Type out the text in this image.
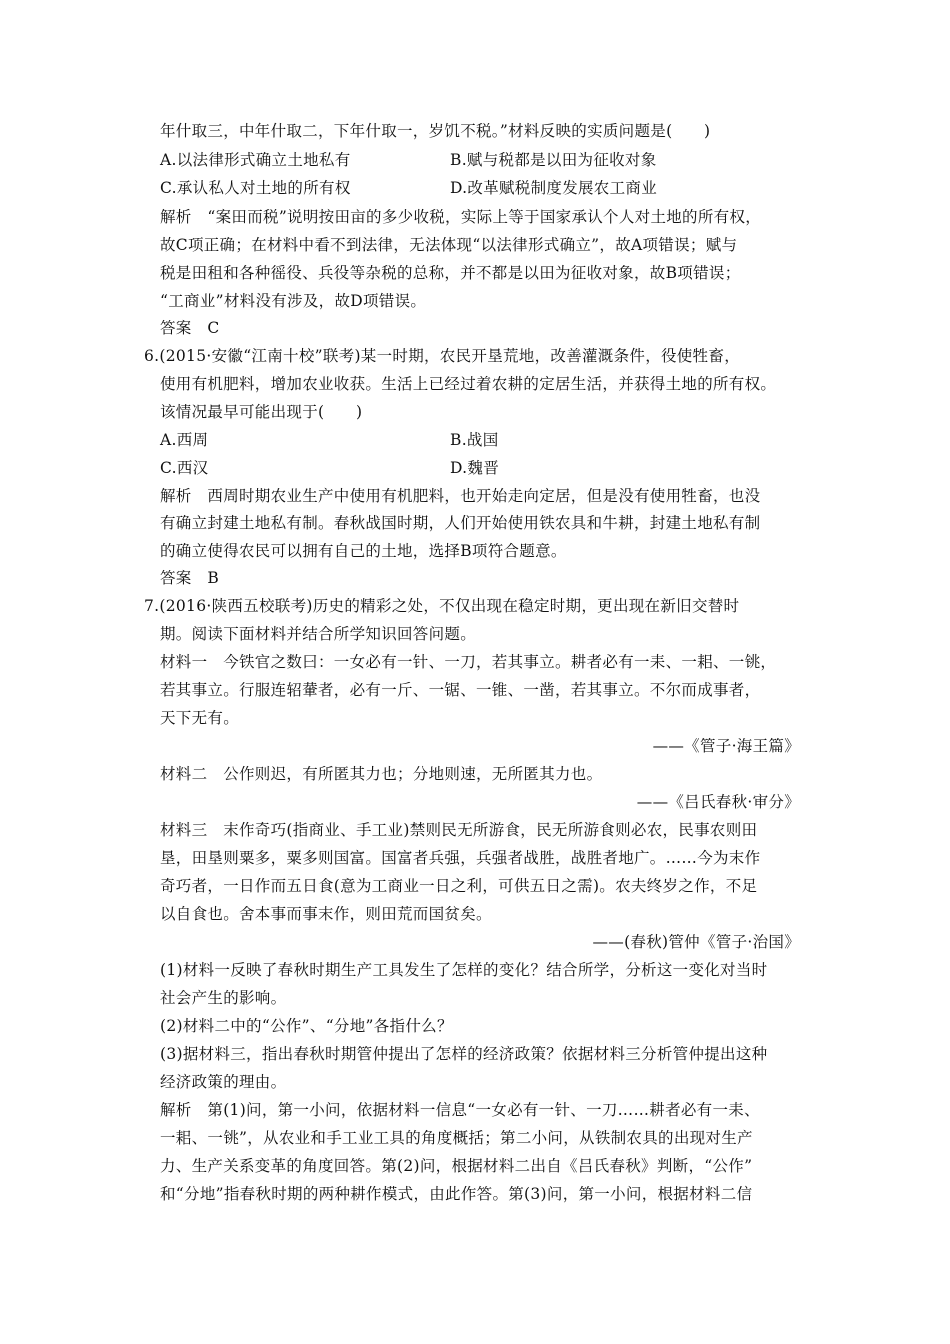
年什取三，中年什取二，下年什取一，岁饥不税。”材料反映的实质问题是(　　)
A.以法律形式确立土地私有	B.赋与税都是以田为征收对象
C.承认私人对土地的所有权	D.改革赋税制度发展农工商业
解析　“案田而税”说明按田亩的多少收税，实际上等于国家承认个人对土地的所有权，
故C项正确；在材料中看不到法律，无法体现“以法律形式确立”，故A项错误；赋与
税是田租和各种徭役、兵役等杂税的总称，并不都是以田为征收对象，故B项错误；
“工商业”材料没有涉及，故D项错误。
答案　C
6.(2015·安徽“江南十校”联考)某一时期，农民开垦荒地，改善灌溉条件，役使牲畜，
使用有机肥料，增加农业收获。生活上已经过着农耕的定居生活，并获得土地的所有权。
该情况最早可能出现于(　　)
A.西周	B.战国
C.西汉	D.魏晋
解析　西周时期农业生产中使用有机肥料，也开始走向定居，但是没有使用牲畜，也没
有确立封建土地私有制。春秋战国时期，人们开始使用铁农具和牛耕，封建土地私有制
的确立使得农民可以拥有自己的土地，选择B项符合题意。
答案　B
7.(2016·陕西五校联考)历史的精彩之处，不仅出现在稳定时期，更出现在新旧交替时
期。阅读下面材料并结合所学知识回答问题。
材料一　今铁官之数曰：一女必有一针、一刀，若其事立。耕者必有一耒、一耜、一铫，
若其事立。行服连轺輂者，必有一斤、一锯、一锥、一凿，若其事立。不尔而成事者，
天下无有。
——《管子·海王篇》
材料二　公作则迟，有所匿其力也；分地则速，无所匿其力也。
——《吕氏春秋·审分》
材料三　末作奇巧(指商业、手工业)禁则民无所游食，民无所游食则必农，民事农则田
垦，田垦则粟多，粟多则国富。国富者兵强，兵强者战胜，战胜者地广。……今为末作
奇巧者，一日作而五日食(意为工商业一日之利，可供五日之需)。农夫终岁之作，不足
以自食也。舍本事而事末作，则田荒而国贫矣。
——(春秋)管仲《管子·治国》
(1)材料一反映了春秋时期生产工具发生了怎样的变化？结合所学，分析这一变化对当时
社会产生的影响。
(2)材料二中的“公作”、“分地”各指什么？
(3)据材料三，指出春秋时期管仲提出了怎样的经济政策？依据材料三分析管仲提出这种
经济政策的理由。
解析　第(1)问，第一小问，依据材料一信息“一女必有一针、一刀……耕者必有一耒、
一耜、一铫”，从农业和手工业工具的角度概括；第二小问，从铁制农具的出现对生产
力、生产关系变革的角度回答。第(2)问，根据材料二出自《吕氏春秋》判断，“公作”
和“分地”指春秋时期的两种耕作模式，由此作答。第(3)问，第一小问，根据材料二信
